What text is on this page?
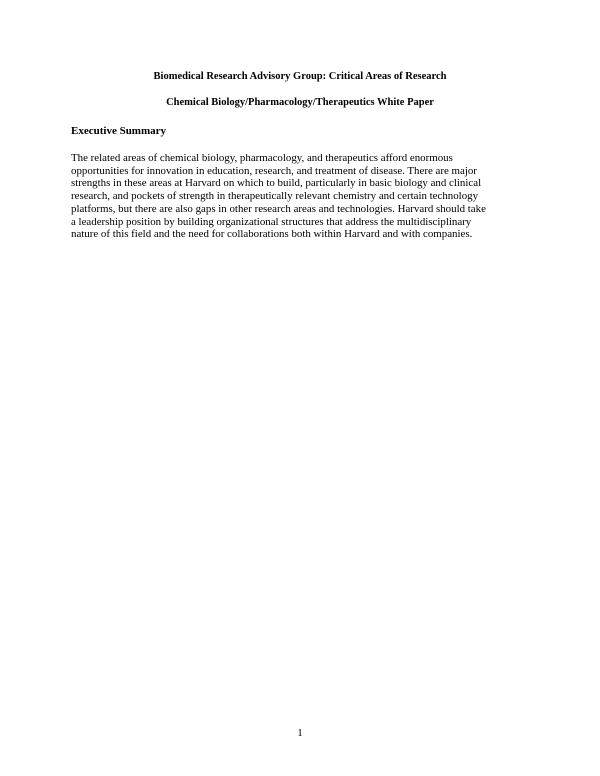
Biomedical Research Advisory Group: Critical Areas of Research
Chemical Biology/Pharmacology/Therapeutics White Paper
Executive Summary
The related areas of chemical biology, pharmacology, and therapeutics afford enormous
opportunities for innovation in education, research, and treatment of disease. There are major
strengths in these areas at Harvard on which to build, particularly in basic biology and clinical
research, and pockets of strength in therapeutically relevant chemistry and certain technology
platforms, but there are also gaps in other research areas and technologies. Harvard should take
a leadership position by building organizational structures that address the multidisciplinary
nature of this field and the need for collaborations both within Harvard and with companies.
1
